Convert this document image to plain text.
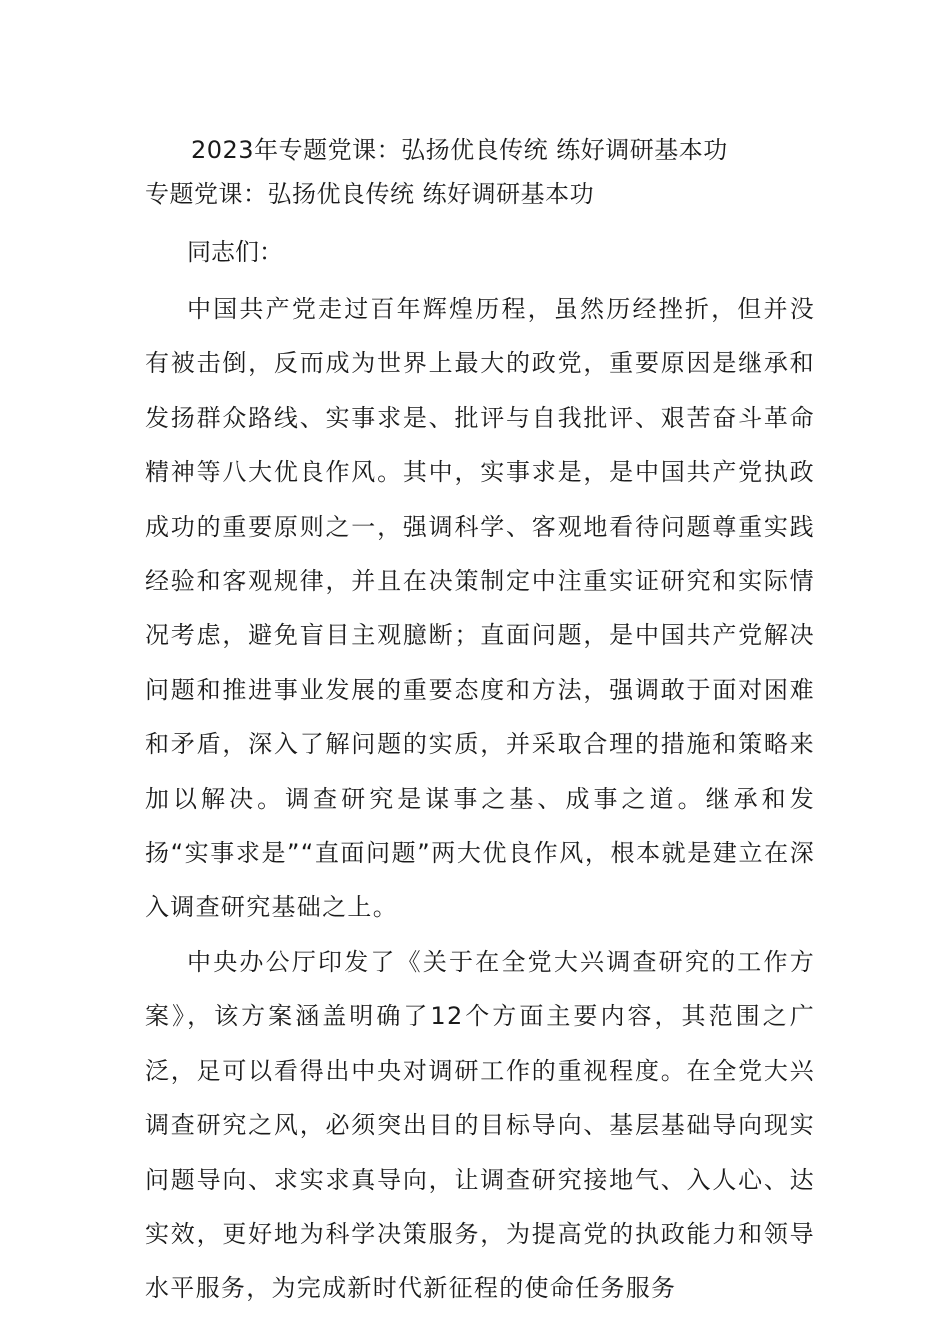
2023年专题党课：弘扬优良传统 练好调研基本功

专题党课：弘扬优良传统 练好调研基本功

同志们：

中国共产党走过百年辉煌历程，虽然历经挫折，但并没有被击倒，反而成为世界上最大的政党，重要原因是继承和发扬群众路线、实事求是、批评与自我批评、艰苦奋斗革命精神等八大优良作风。其中，实事求是，是中国共产党执政成功的重要原则之一，强调科学、客观地看待问题尊重实践经验和客观规律，并且在决策制定中注重实证研究和实际情况考虑，避免盲目主观臆断；直面问题，是中国共产党解决问题和推进事业发展的重要态度和方法，强调敢于面对困难和矛盾，深入了解问题的实质，并采取合理的措施和策略来加以解决。调查研究是谋事之基、成事之道。继承和发扬“实事求是”“直面问题”两大优良作风，根本就是建立在深入调查研究基础之上。

中央办公厅印发了《关于在全党大兴调查研究的工作方案》，该方案涵盖明确了12个方面主要内容，其范围之广泛，足可以看得出中央对调研工作的重视程度。在全党大兴调查研究之风，必须突出目的目标导向、基层基础导向现实问题导向、求实求真导向，让调查研究接地气、入人心、达实效，更好地为科学决策服务，为提高党的执政能力和领导水平服务，为完成新时代新征程的使命任务服务
